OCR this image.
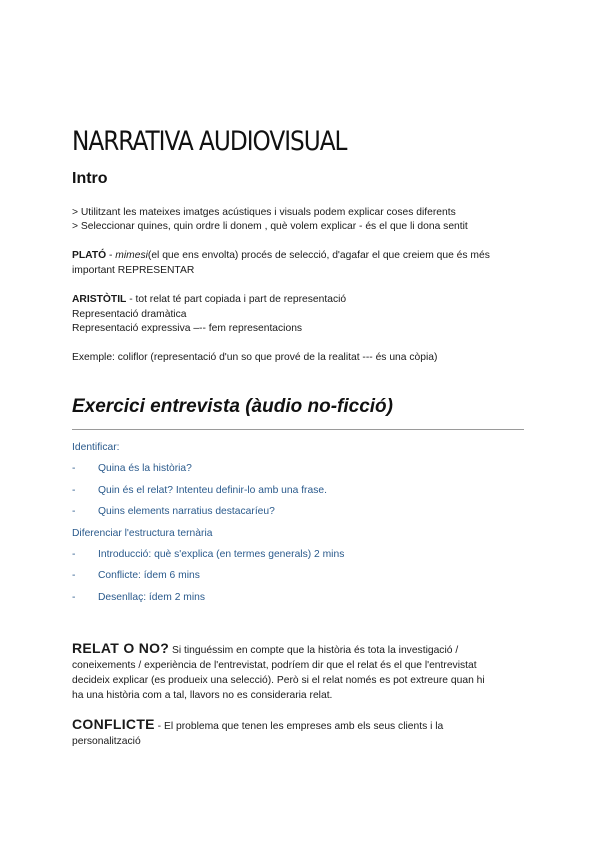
NARRATIVA AUDIOVISUAL
Intro
> Utilitzant les mateixes imatges acústiques i visuals podem explicar coses diferents
> Seleccionar quines, quin ordre li donem , què volem explicar - és el que li dona sentit
PLATÓ - mimesi(el que ens envolta) procés de selecció, d'agafar el que creiem que és més
important REPRESENTAR
ARISTÒTIL - tot relat té part copiada i part de representació
Representació dramàtica
Representació expressiva –-- fem representacions
Exemple: coliflor (representació d'un so que prové de la realitat --- és una còpia)
Exercici entrevista (àudio no-ficció)
Identificar:
- Quina és la història?
- Quin és el relat? Intenteu definir-lo amb una frase.
- Quins elements narratius destacaríeu?
Diferenciar l'estructura ternària
- Introducció: què s'explica (en termes generals) 2 mins
- Conflicte: ídem 6 mins
- Desenllaç: ídem 2 mins
RELAT O NO? Si tinguéssim en compte que la història és tota la investigació /
coneixements / experiència de l'entrevistat, podríem dir que el relat és el que l'entrevistat
decideix explicar (es produeix una selecció). Però si el relat només es pot extreure quan hi
ha una història com a tal, llavors no es consideraria relat.
CONFLICTE - El problema que tenen les empreses amb els seus clients i la
personalització
